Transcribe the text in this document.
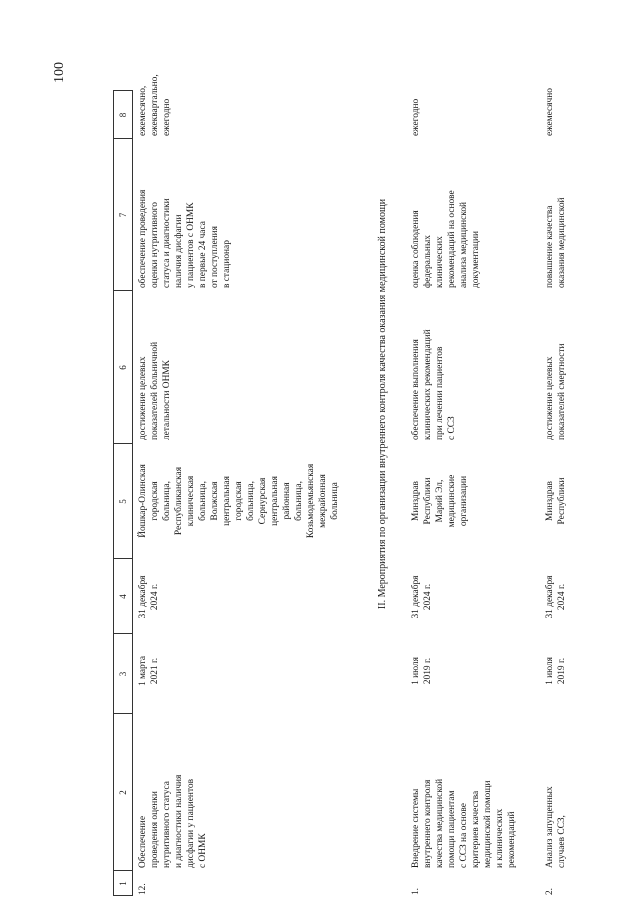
100
1
2
3
4
5
6
7
8

12.

Обеспечение
проведения оценки
нутритивного статуса
и диагностики наличия
дисфагии у пациентов
с ОНМК

1 марта
2021 г.

31 декабря
2024 г.

Йошкар-Олинская
городская
больница,
Республиканская
клиническая
больница,
Волжская
центральная
городская
больница,
Сернурская
центральная
районная
больница,
Козьмодемьянская
межрайонная
больница

достижение целевых
показателей больничной
летальности ОНМК

обеспечение проведения
оценки нутритивного
статуса и диагностики
наличия дисфагии
у пациентов с ОНМК
в первые 24 часа
от поступления
в стационар

ежемесячно,
ежеквартально,
ежегодно

II. Мероприятия по организации внутреннего контроля качества оказания медицинской помощи

1.

Внедрение системы
внутреннего контроля
качества медицинской
помощи пациентам
с ССЗ на основе
критериев качества
медицинской помощи
и клинических
рекомендаций

1 июля
2019 г.

31 декабря
2024 г.

Минздрав
Республики
Марий Эл,
медицинские
организации

обеспечение выполнения
клинических рекомендаций
при лечении пациентов
с ССЗ

оценка соблюдения
федеральных
клинических
рекомендаций на основе
анализа медицинской
документации

ежегодно

2.

Анализ запущенных
случаев ССЗ,

1 июля
2019 г.

31 декабря
2024 г.

Минздрав
Республики

достижение целевых
показателей смертности

повышение качества
оказания медицинской

ежемесячно
